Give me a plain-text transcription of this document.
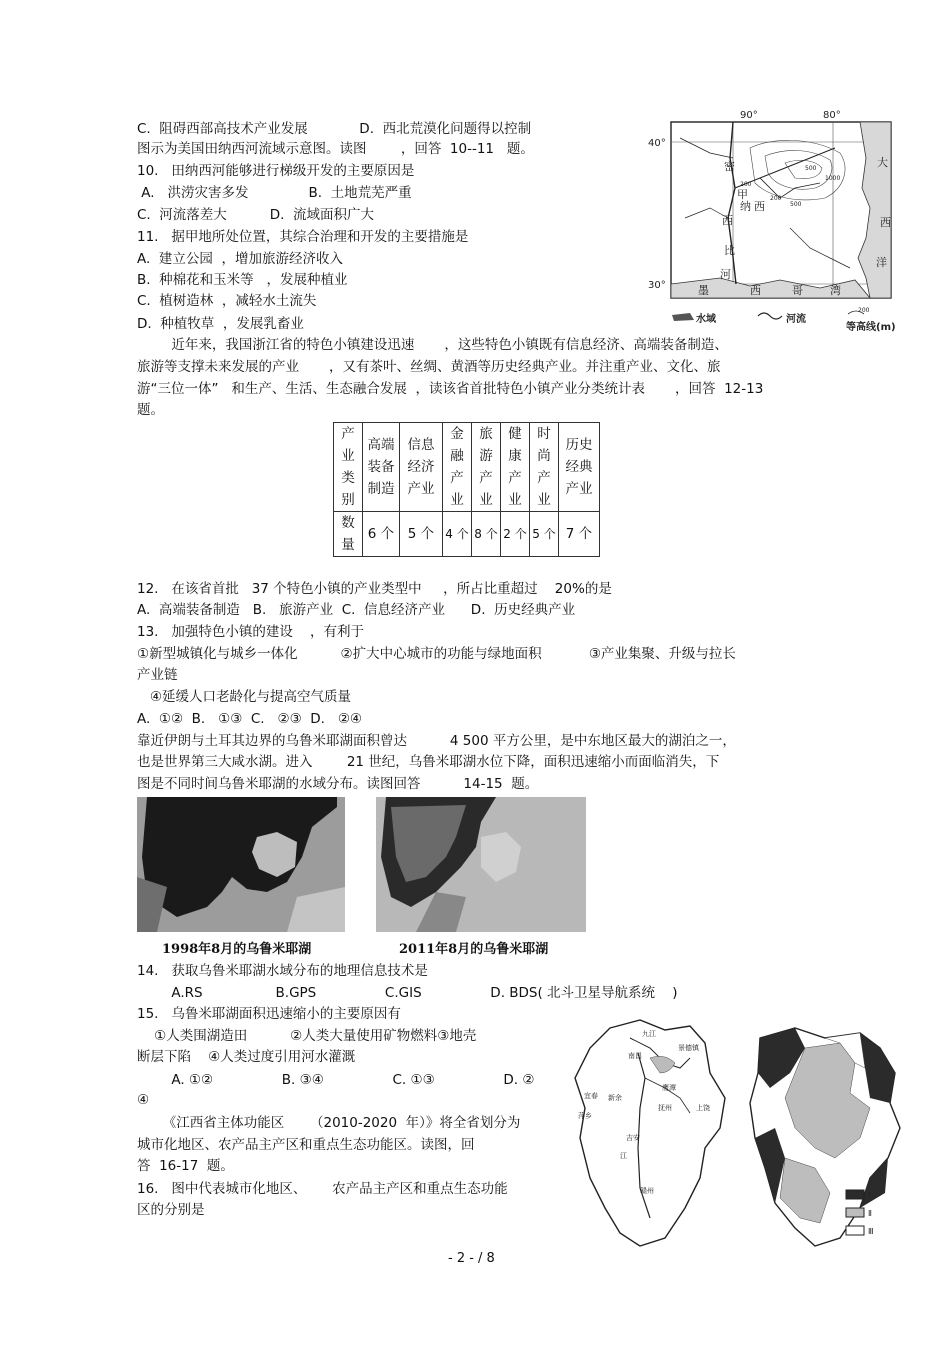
C.  阻碍西部高技术产业发展            D.  西北荒漠化问题得以控制
图示为美国田纳西河流域示意图。读图        ，回答  10--11   题。
10.   田纳西河能够进行梯级开发的主要原因是
A.   洪涝灾害多发              B.  土地荒芜严重
C.  河流落差大          D.  流域面积广大
11.   据甲地所处位置，其综合治理和开发的主要措施是
A.  建立公园  ，增加旅游经济收入
B.  种棉花和玉米等   ，发展种植业
C.  植树造林  ，减轻水土流失
D.  种植牧草  ，发展乳畜业
近年来，我国浙江省的特色小镇建设迅速       ，这些特色小镇既有信息经济、高端装备制造、
旅游等支撑未来发展的产业       ，又有茶叶、丝绸、黄酒等历史经典产业。并注重产业、文化、旅
游“三位一体”   和生产、生活、生态融合发展  ，读该省首批特色小镇产业分类统计表       ，回答  12-13
题。
产业类别	高端装备制造	信息经济产业	金融产业	旅游产业	健康产业	时尚产业	历史经典产业

数量	6 个	5 个	4 个	8 个	2 个	5 个	7 个
12.   在该省首批   37 个特色小镇的产业类型中     ，所占比重超过    20%的是
A.  高端装备制造   B.   旅游产业  C.  信息经济产业      D.  历史经典产业
13.   加强特色小镇的建设    ，有利于
①新型城镇化与城乡一体化          ②扩大中心城市的功能与绿地面积           ③产业集聚、升级与拉长
产业链
④延缓人口老龄化与提高空气质量
A.  ①②  B.   ①③  C.   ②③  D.   ②④
靠近伊朗与土耳其边界的乌鲁米耶湖面积曾达          4 500 平方公里，是中东地区最大的湖泊之一，
也是世界第三大咸水湖。进入        21 世纪，乌鲁米耶湖水位下降，面积迅速缩小而面临消失，下
图是不同时间乌鲁米耶湖的水域分布。读图回答          14-15  题。
1998年8月的乌鲁米耶湖	2011年8月的乌鲁米耶湖
14.   获取乌鲁米耶湖水域分布的地理信息技术是
A.RS                 B.GPS                C.GIS                D. BDS( 北斗卫星导航系统    )
15.   乌鲁米耶湖面积迅速缩小的主要原因有
①人类围湖造田          ②人类大量使用矿物燃料③地壳
断层下陷    ④人类过度引用河水灌溉
A. ①②                B. ③④                C. ①③                D. ②
④
《江西省主体功能区      （2010-2020  年）》将全省划分为
城市化地区、农产品主产区和重点生态功能区。读图，回
答  16-17  题。
16.   图中代表城市化地区、      农产品主产区和重点生态功能
区的分别是
90°	80°
40°
30°
密
甲
纳 西
西
比
河
西
墨	哥 湾
大
西
洋
200
500
1000
200
500
水域	河流
200
等高线(m)
九江
南昌
景德镇
鹰潭
上饶
新余
宜春
萍乡
抚州
吉安
赣州
江
Ⅰ
Ⅱ
Ⅲ
- 2 - / 8
